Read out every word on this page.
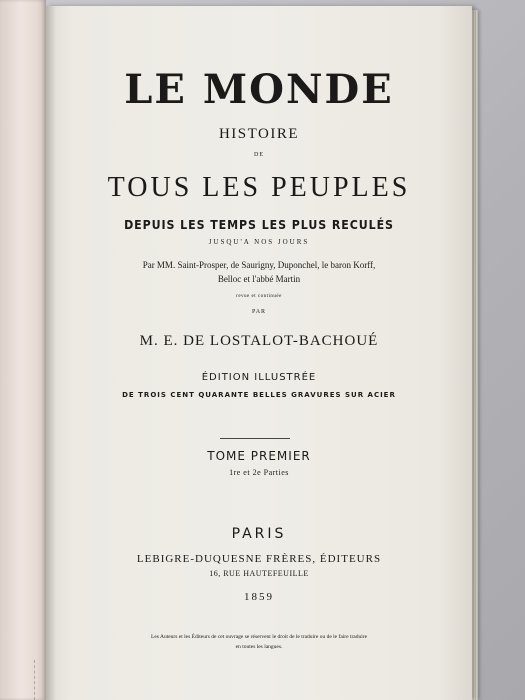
LE MONDE
HISTOIRE
DE
TOUS LES PEUPLES
DEPUIS LES TEMPS LES PLUS RECULÉS
JUSQU'A NOS JOURS
Par MM. Saint-Prosper, de Saurigny, Duponchel, le baron Korff,
Belloc et l'abbé Martin
revue et continuée
PAR
M. E. DE LOSTALOT-BACHOUÉ
ÉDITION ILLUSTRÉE
DE TROIS CENT QUARANTE BELLES GRAVURES SUR ACIER
TOME PREMIER
1re et 2e Parties
PARIS
LEBIGRE-DUQUESNE FRÈRES, ÉDITEURS
16, RUE HAUTEFEUILLE
1859
Les Auteurs et les Éditeurs de cet ouvrage se réservent le droit de le traduire ou de le faire traduire
en toutes les langues.
